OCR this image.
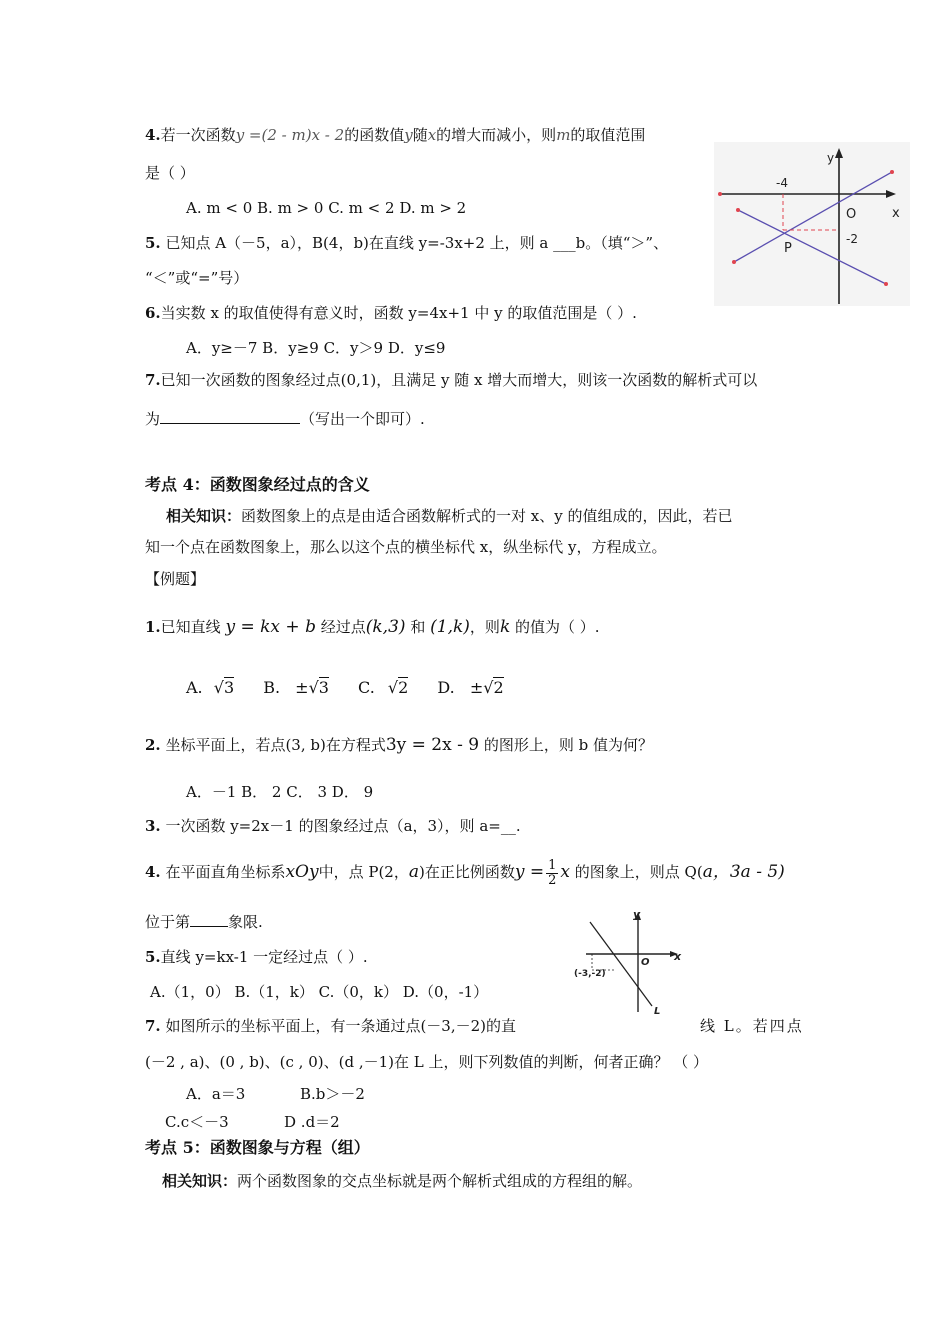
4.若一次函数y =(2 - m)x - 2的函数值y随x的增大而减小，则m的取值范围
是（ ）
A. m < 0 B. m > 0 C. m < 2 D. m > 2
5. 已知点 A（－5，a），B(4，b)在直线 y=-3x+2 上，则 a ___b。（填“＞”、
“＜”或“=”号）
6.当实数 x 的取值使得有意义时，函数 y=4x+1 中 y 的取值范围是（ ）.
A．y≥－7 B．y≥9 C．y＞9 D．y≤9
7.已知一次函数的图象经过点(0,1)，且满足 y 随 x 增大而增大，则该一次函数的解析式可以
为	（写出一个即可）.
y
x
-4
O
-2
P
考点 4：函数图象经过点的含义
相关知识：函数图象上的点是由适合函数解析式的一对 x、y 的值组成的，因此，若已
知一个点在函数图象上，那么以这个点的横坐标代 x，纵坐标代 y，方程成立。
【例题】
1.已知直线 y = kx + b 经过点(k,3) 和 (1,k)，则k 的值为（ ）.
A. √3 B. ±√3 C. √2 D. ±√2
2. 坐标平面上，若点(3, b)在方程式3y = 2x - 9 的图形上，则 b 值为何？
A．－1 B． 2 C． 3 D． 9
3. 一次函数 y=2x－1 的图象经过点（a，3），则 a=__.
4. 在平面直角坐标系xOy中，点 P(2，a)在正比例函数$y = \frac{1}{2}$ x 的图象上，则点 Q(a，3a - 5)
位于第	象限.
5.直线 y=kx-1 一定经过点（ ）.
A.（1，0） B.（1，k） C.（0，k） D.（0，-1）
y
x
O
(-3,-2)
L
7. 如图所示的坐标平面上，有一条通过点(－3,－2)的直	线 L。若四点
(－2 , a)、(0 , b)、(c , 0)、(d ,－1)在 L 上，则下列数值的判断，何者正确？ （ ）
A．a＝3	B.b＞－2
C.c＜－3	D .d＝2
考点 5：函数图象与方程（组）
相关知识：两个函数图象的交点坐标就是两个解析式组成的方程组的解。
